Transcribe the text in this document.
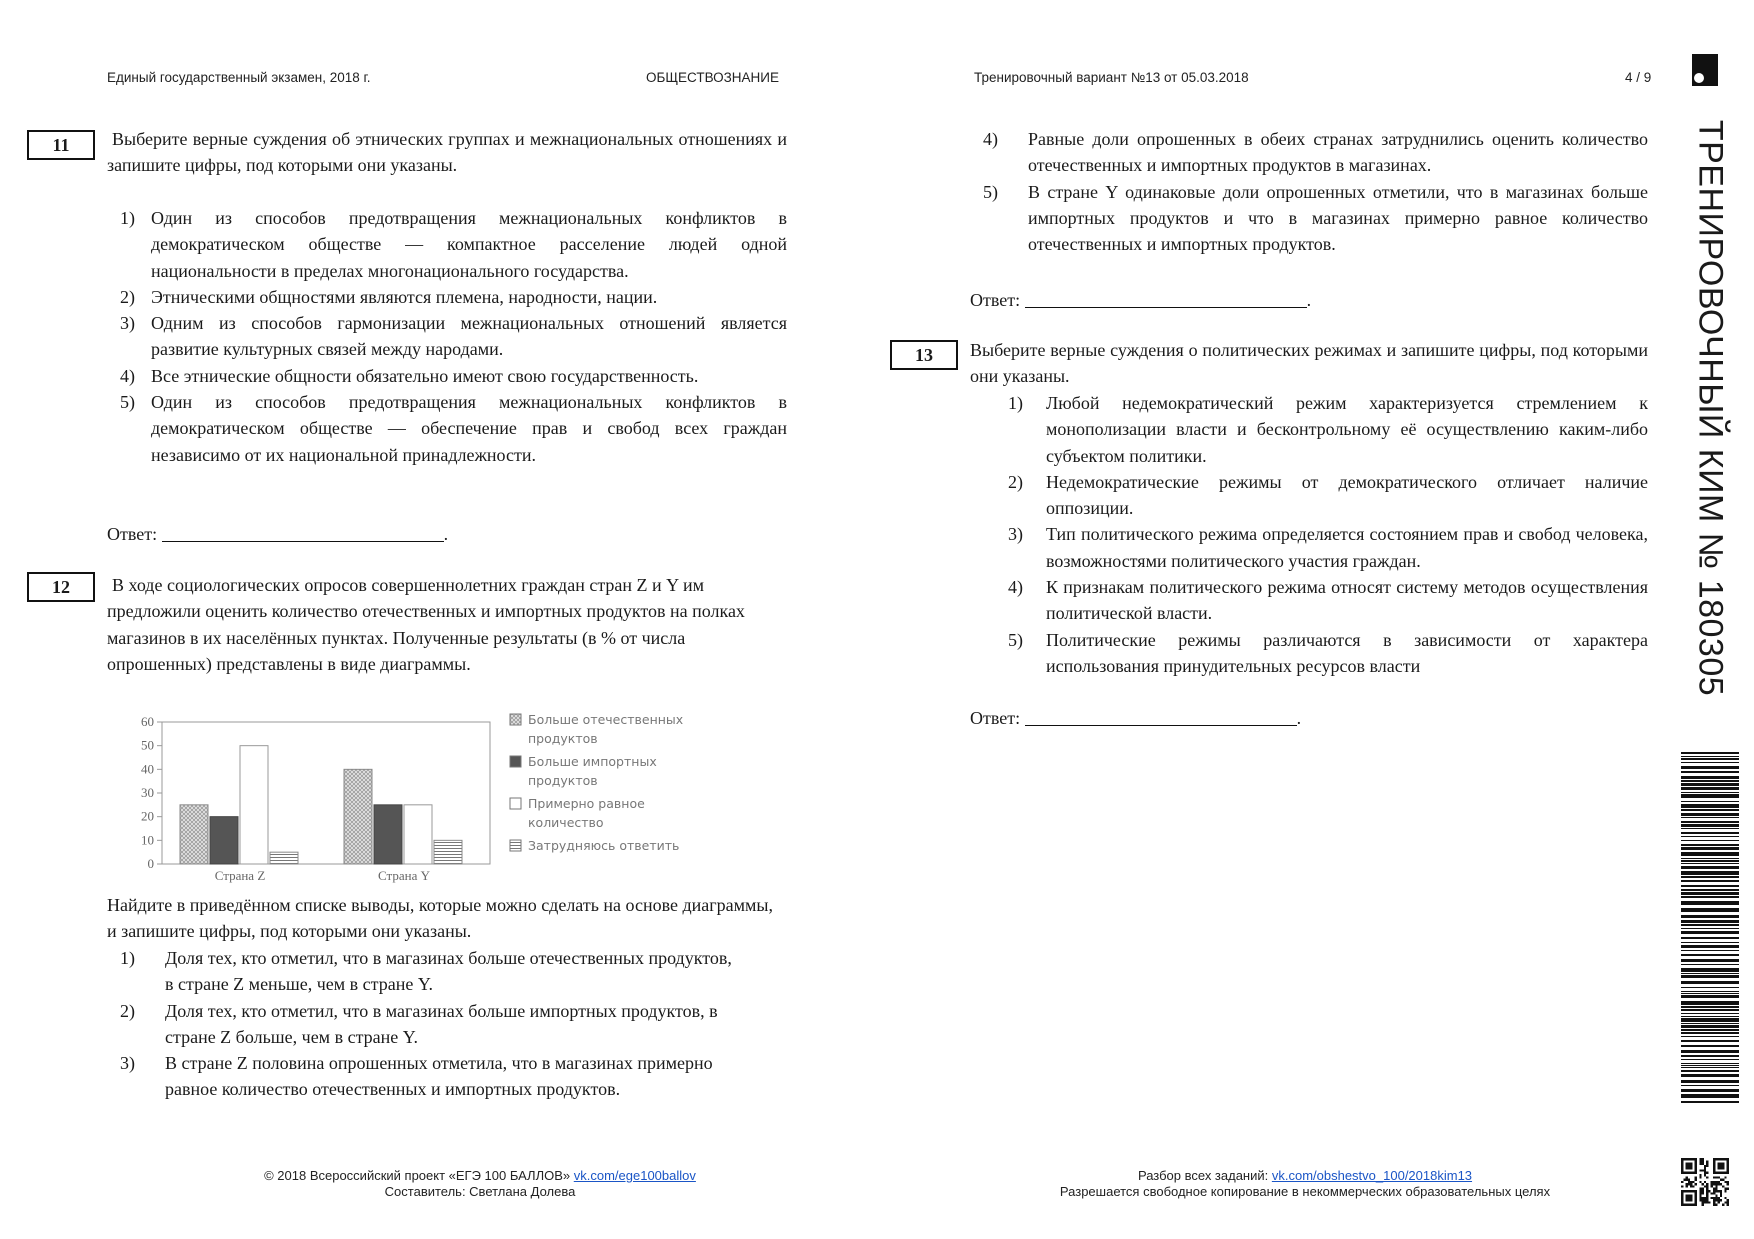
Единый государственный экзамен, 2018 г.	ОБЩЕСТВОЗНАНИЕ	Тренировочный вариант №13 от 05.03.2018	4 / 9
ТРЕНИРОВОЧНЫЙ КИМ № 180305
11	Выберите верные суждения об этнических группах и межнациональных отношениях и запишите цифры, под которыми они указаны.
1) Один из способов предотвращения межнациональных конфликтов в демократическом обществе — компактное расселение людей одной национальности в пределах многонационального государства.
2) Этническими общностями являются племена, народности, нации.
3) Одним из способов гармонизации межнациональных отношений является развитие культурных связей между народами.
4) Все этнические общности обязательно имеют свою государственность.
5) Один из способов предотвращения межнациональных конфликтов в демократическом обществе — обеспечение прав и свобод всех граждан независимо от их национальной принадлежности.
Ответ:	.
12	В ходе социологических опросов совершеннолетних граждан стран Z и Y им предложили оценить количество отечественных и импортных продуктов на полках магазинов в их населённых пунктах. Полученные результаты (в % от числа опрошенных) представлены в виде диаграммы.
0
10
20
30
40
50
60
Страна Z	Страна Y
Больше отечественных
продуктов
Больше импортных
продуктов
Примерно равное
количество
Затрудняюсь ответить
Найдите в приведённом списке выводы, которые можно сделать на основе диаграммы, и запишите цифры, под которыми они указаны.
1)	Доля тех, кто отметил, что в магазинах больше отечественных продуктов, в стране Z меньше, чем в стране Y.
2)	Доля тех, кто отметил, что в магазинах больше импортных продуктов, в стране Z больше, чем в стране Y.
3)	В стране Z половина опрошенных отметила, что в магазинах примерно равное количество отечественных и импортных продуктов.
4)	Равные доли опрошенных в обеих странах затруднились оценить количество отечественных и импортных продуктов в магазинах.
5)	В стране Y одинаковые доли опрошенных отметили, что в магазинах больше импортных продуктов и что в магазинах примерно равное количество отечественных и импортных продуктов.
Ответ:	.
13	Выберите верные суждения о политических режимах и запишите цифры, под которыми они указаны.
1)	Любой недемократический режим характеризуется стремлением к монополизации власти и бесконтрольному её осуществлению каким-либо субъектом политики.
2)	Недемократические режимы от демократического отличает наличие оппозиции.
3)	Тип политического режима определяется состоянием прав и свобод человека, возможностями политического участия граждан.
4)	К признакам политического режима относят систему методов осуществления политической власти.
5)	Политические режимы различаются в зависимости от характера использования принудительных ресурсов власти
Ответ:	.
© 2018 Всероссийский проект «ЕГЭ 100 БАЛЛОВ» vk.com/ege100ballov
Составитель: Светлана Долева
Разбор всех заданий: vk.com/obshestvo_100/2018kim13
Разрешается свободное копирование в некоммерческих образовательных целях
